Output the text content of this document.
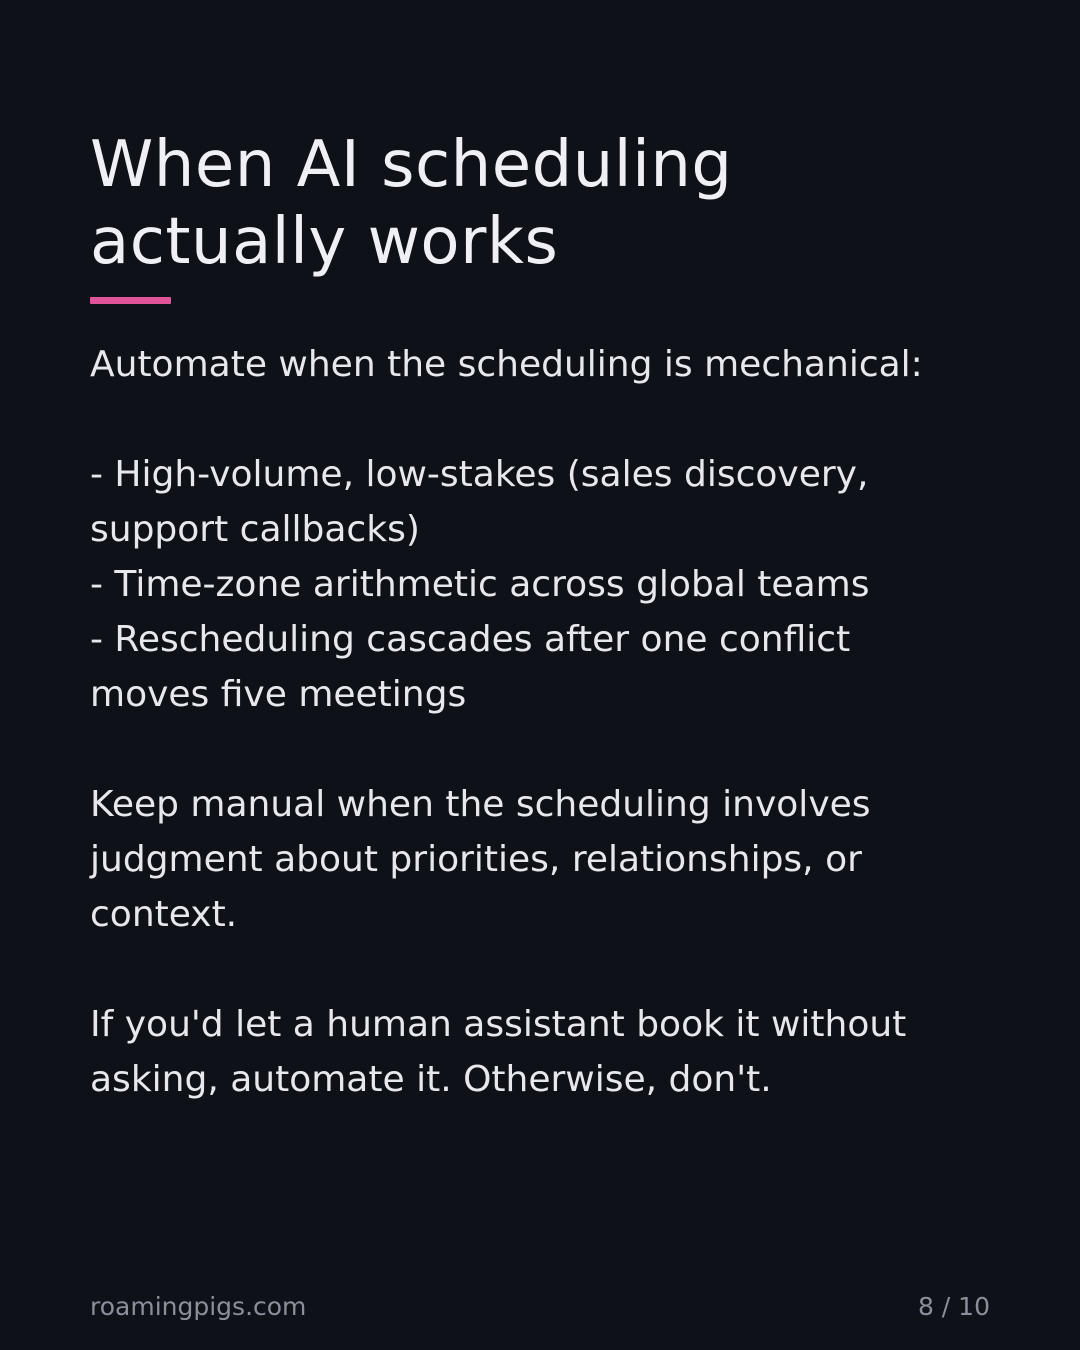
When AI scheduling
actually works
Automate when the scheduling is mechanical:
- High-volume, low-stakes (sales discovery,
support callbacks)
- Time-zone arithmetic across global teams
- Rescheduling cascades after one conflict
moves five meetings
Keep manual when the scheduling involves
judgment about priorities, relationships, or
context.
If you'd let a human assistant book it without
asking, automate it. Otherwise, don't.
roamingpigs.com	8 / 10
